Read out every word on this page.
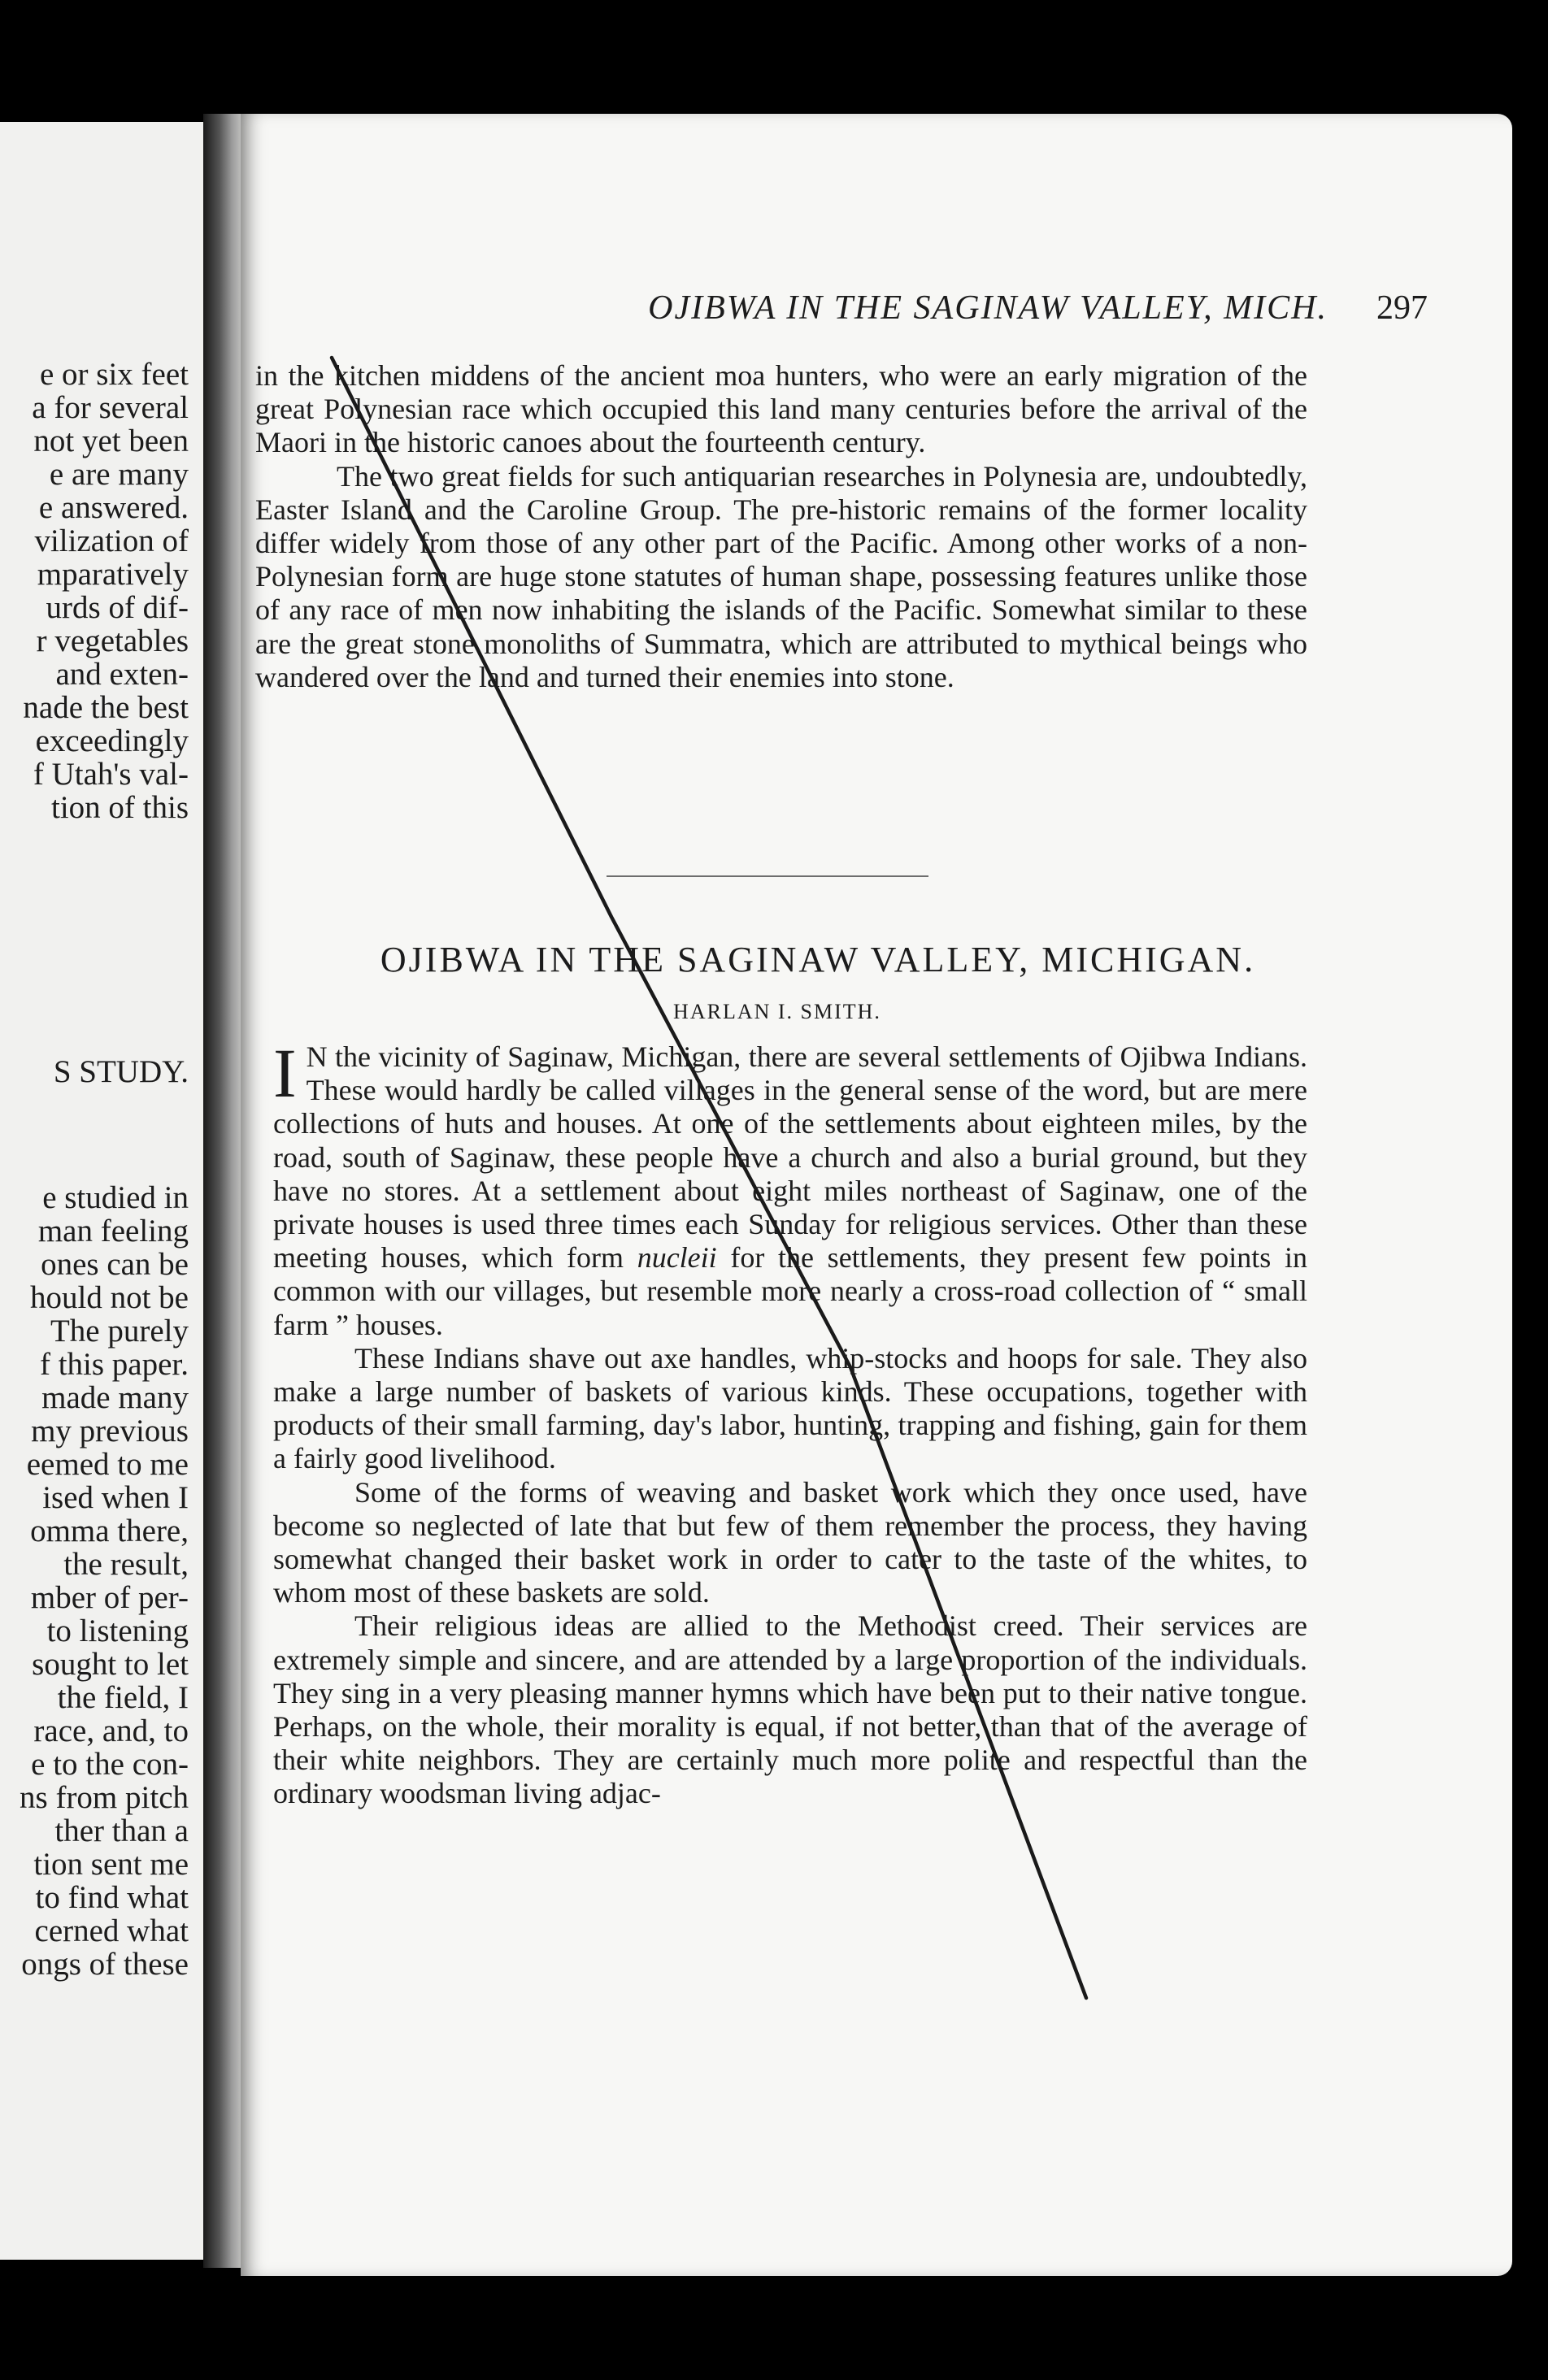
e or six feet
a for several
not yet been
e are many
e answered.
vilization of
mparatively
urds of dif-
r vegetables
and exten-
nade the best
exceedingly
f Utah's val-
tion of this
S STUDY.
e studied in
man feeling
ones can be
hould not be
The purely
f this paper.
made many
my previous
eemed to me
ised when I
omma there,
the result,
mber of per-
to listening
sought to let
the field, I
race, and, to
e to the con-
ns from pitch
ther than a
tion sent me
to find what
cerned what
ongs of these
OJIBWA IN THE SAGINAW VALLEY, MICH. 297

in the kitchen middens of the ancient moa hunters, who were an early migration of the great Polynesian race which occupied this land many centuries before the arrival of the Maori in the historic canoes about the fourteenth century.

The two great fields for such antiquarian researches in Polynesia are, undoubtedly, Easter Island and the Caroline Group. The pre-historic remains of the former locality differ widely from those of any other part of the Pacific. Among other works of a non-Polynesian form are huge stone statutes of human shape, possessing features unlike those of any race of men now inhabiting the islands of the Pacific. Somewhat similar to these are the great stone monoliths of Summatra, which are attributed to mythical beings who wandered over the land and turned their enemies into stone.

OJIBWA IN THE SAGINAW VALLEY, MICHIGAN.
HARLAN I. SMITH.

I N the vicinity of Saginaw, Michigan, there are several settlements of Ojibwa Indians. These would hardly be called villages in the general sense of the word, but are mere collections of huts and houses. At one of the settlements about eighteen miles, by the road, south of Saginaw, these people have a church and also a burial ground, but they have no stores. At a settlement about eight miles northeast of Saginaw, one of the private houses is used three times each Sunday for religious services. Other than these meeting houses, which form nucleii for the settlements, they present few points in common with our villages, but resemble more nearly a cross-road collection of “ small farm ” houses.

These Indians shave out axe handles, whip-stocks and hoops for sale. They also make a large number of baskets of various kinds. These occupations, together with products of their small farming, day's labor, hunting, trapping and fishing, gain for them a fairly good livelihood.

Some of the forms of weaving and basket work which they once used, have become so neglected of late that but few of them remember the process, they having somewhat changed their basket work in order to cater to the taste of the whites, to whom most of these baskets are sold.

Their religious ideas are allied to the Methodist creed. Their services are extremely simple and sincere, and are attended by a large proportion of the individuals. They sing in a very pleasing manner hymns which have been put to their native tongue. Perhaps, on the whole, their morality is equal, if not better, than that of the average of their white neighbors. They are certainly much more polite and respectful than the ordinary woodsman living adjac-
